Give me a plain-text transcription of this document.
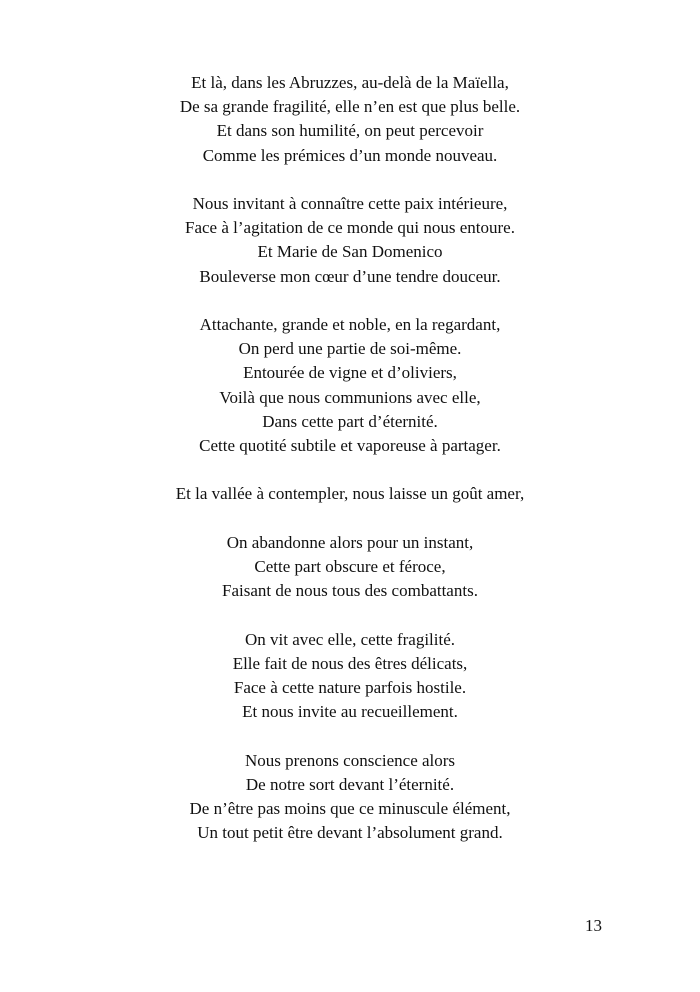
Et là, dans les Abruzzes, au-delà de la Maïella,
De sa grande fragilité, elle n’en est que plus belle.
Et dans son humilité, on peut percevoir
Comme les prémices d’un monde nouveau.
Nous invitant à connaître cette paix intérieure,
Face à l’agitation de ce monde qui nous entoure.
Et Marie de San Domenico
Bouleverse mon cœur d’une tendre douceur.
Attachante, grande et noble, en la regardant,
On perd une partie de soi-même.
Entourée de vigne et d’oliviers,
Voilà que nous communions avec elle,
Dans cette part d’éternité.
Cette quotité subtile et vaporeuse à partager.
Et la vallée à contempler, nous laisse un goût amer,
On abandonne alors pour un instant,
Cette part obscure et féroce,
Faisant de nous tous des combattants.
On vit avec elle, cette fragilité.
Elle fait de nous des êtres délicats,
Face à cette nature parfois hostile.
Et nous invite au recueillement.
Nous prenons conscience alors
De notre sort devant l’éternité.
De n’être pas moins que ce minuscule élément,
Un tout petit être devant l’absolument grand.
13
